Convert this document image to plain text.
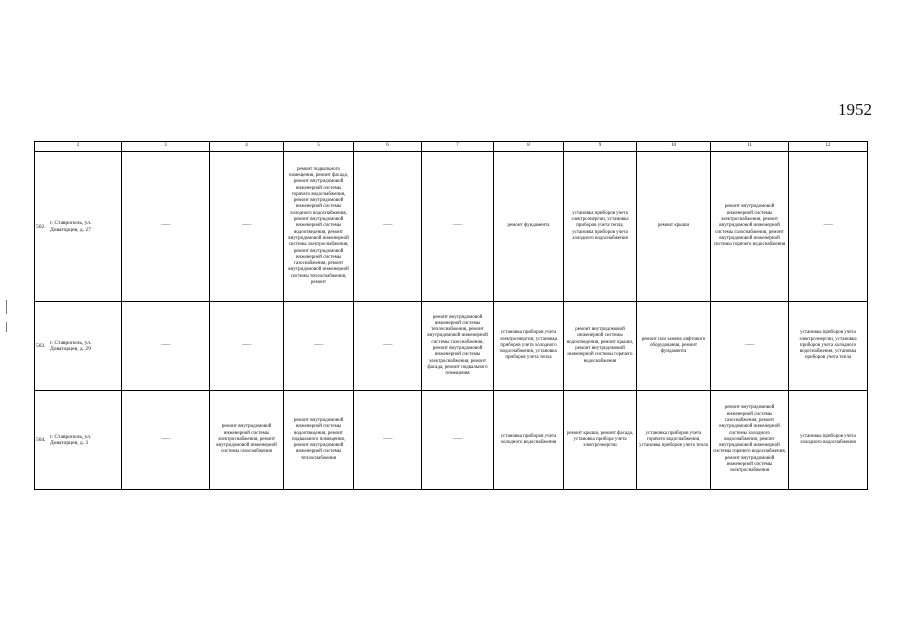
1952
2	3	4	5	6	7	8	9	10	11	12

502.
г. Ставрополь, ул. Доваторцев, д. 27	——	——	ремонт подвального помещения, ремонт фасада, ремонт внутридомовой инженерной системы горячего водоснабжения, ремонт внутридомовой инженерной системы холодного водоснабжения, ремонт внутридомовой инженерной системы водоотведения, ремонт внутридомовой инженерной системы электроснабжения, ремонт внутридомовой инженерной системы газоснабжения, ремонт внутридомовой инженерной системы теплоснабжения, ремонт	——	——	ремонт фундамента	установка приборов учета электроэнергии, установка приборов учета тепла, установка приборов учета холодного водоснабжения	ремонт крыши	ремонт внутридомовой инженерной системы электроснабжения, ремонт внутридомовой инженерной системы газоснабжения, ремонт внутридомовой инженерной системы горячего водоснабжения	——

503.
г. Ставрополь, ул. Доваторцев, д. 29	——	——	——	——	ремонт внутридомовой инженерной системы теплоснабжения, ремонт внутридомовой инженерной системы газоснабжения, ремонт внутридомовой инженерной системы электроснабжения, ремонт фасада, ремонт подвального помещения	установка приборов учета электроэнергии, установка приборов учета холодного водоснабжения, установка приборов учета тепла	ремонт внутридомовой инженерной системы водоотведения, ремонт крыши, ремонт внутридомовой инженерной системы горячего водоснабжения	ремонт или замена лифтового оборудования, ремонт фундамента	——	установка приборов учета электроэнергии, установка приборов учета холодного водоснабжения, установка приборов учета тепла

504.
г. Ставрополь, ул. Доваторцев, д. 3	——	ремонт внутридомовой инженерной системы электроснабжения, ремонт внутридомовой инженерной системы газоснабжения	ремонт внутридомовой инженерной системы водоотведения, ремонт подвального помещения, ремонт внутридомовой инженерной системы теплоснабжения	——	——	установка приборов учета холодного водоснабжения	ремонт крыши, ремонт фасада, установка прибора учета электроэнергии	установка приборов учета горячего водоснабжения, установка приборов учета тепла	ремонт внутридомовой инженерной системы газоснабжения, ремонт внутридомовой инженерной системы холодного водоснабжения, ремонт внутридомовой инженерной системы горячего водоснабжения, ремонт внутридомовой инженерной системы электроснабжения	установка приборов учета холодного водоснабжения
